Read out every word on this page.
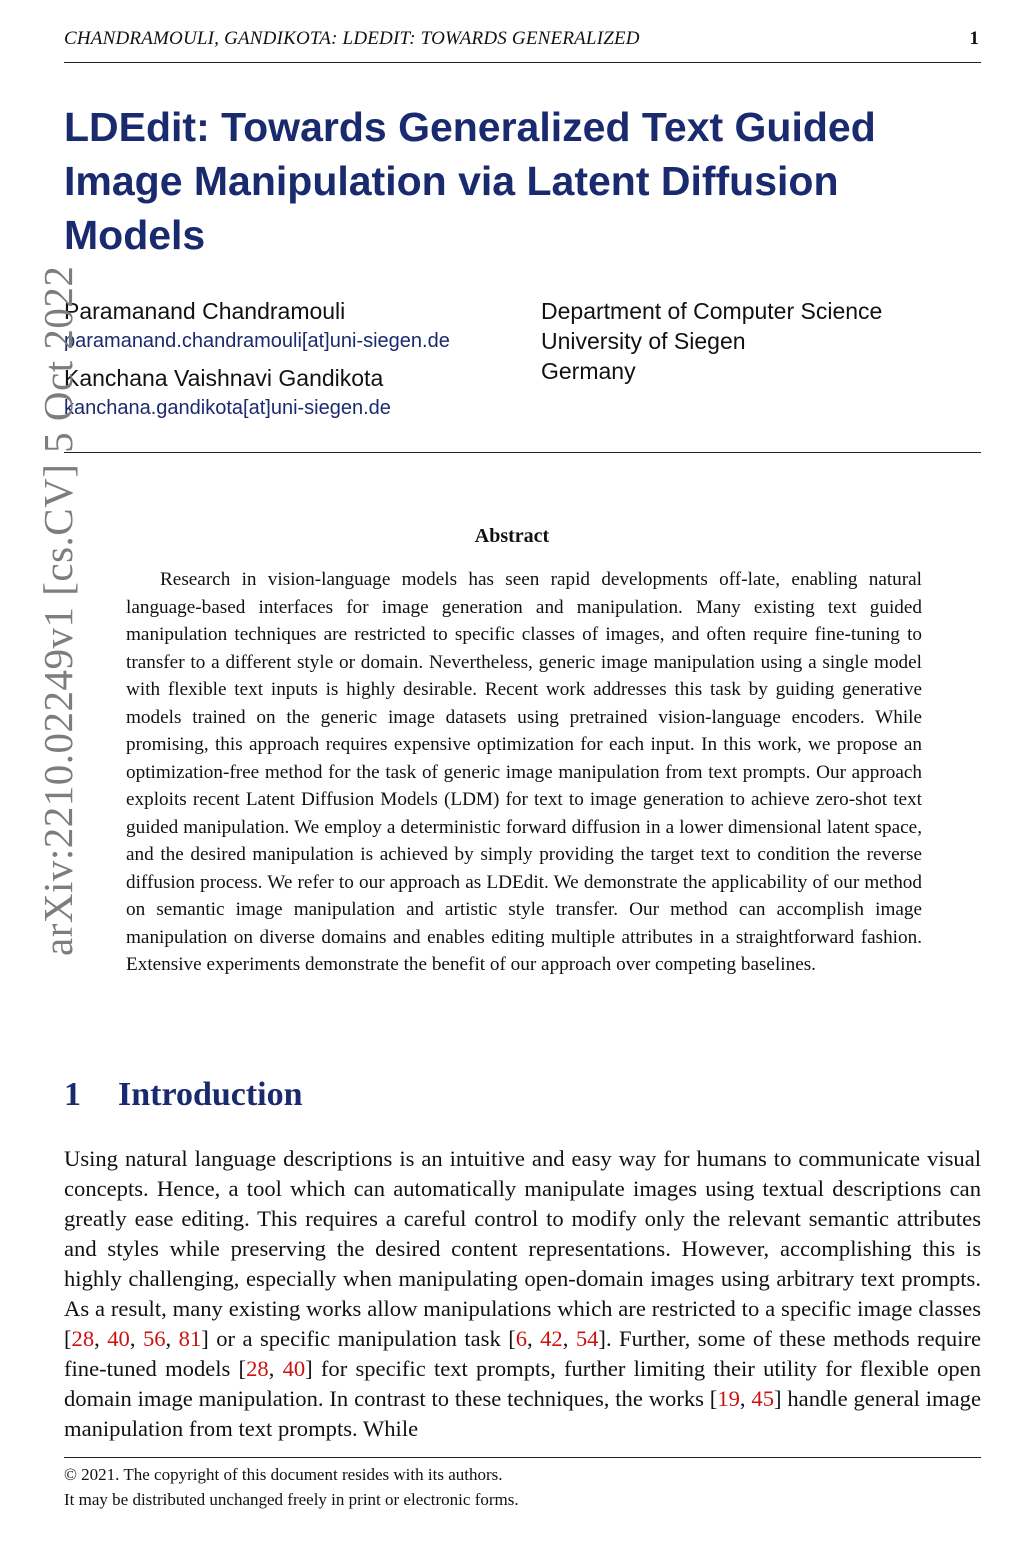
CHANDRAMOULI, GANDIKOTA: LDEDIT: TOWARDS GENERALIZED	1
arXiv:2210.02249v1 [cs.CV] 5 Oct 2022
LDEdit: Towards Generalized Text Guided Image Manipulation via Latent Diffusion Models
Paramanand Chandramouli
paramanand.chandramouli[at]uni-siegen.de
Kanchana Vaishnavi Gandikota
kanchana.gandikota[at]uni-siegen.de
Department of Computer Science
University of Siegen
Germany
Abstract

Research in vision-language models has seen rapid developments off-late, enabling natural language-based interfaces for image generation and manipulation. Many existing text guided manipulation techniques are restricted to specific classes of images, and often require fine-tuning to transfer to a different style or domain. Nevertheless, generic image manipulation using a single model with flexible text inputs is highly desirable. Recent work addresses this task by guiding generative models trained on the generic image datasets using pretrained vision-language encoders. While promising, this approach requires expensive optimization for each input. In this work, we propose an optimization-free method for the task of generic image manipulation from text prompts. Our approach exploits recent Latent Diffusion Models (LDM) for text to image generation to achieve zero-shot text guided manipulation. We employ a deterministic forward diffusion in a lower dimensional latent space, and the desired manipulation is achieved by simply providing the target text to condition the reverse diffusion process. We refer to our approach as LDEdit. We demonstrate the applicability of our method on semantic image manipulation and artistic style transfer. Our method can accomplish image manipulation on diverse domains and enables editing multiple attributes in a straightforward fashion. Extensive experiments demonstrate the benefit of our approach over competing baselines.

1 Introduction

Using natural language descriptions is an intuitive and easy way for humans to communicate visual concepts. Hence, a tool which can automatically manipulate images using textual descriptions can greatly ease editing. This requires a careful control to modify only the relevant semantic attributes and styles while preserving the desired content representations. However, accomplishing this is highly challenging, especially when manipulating open-domain images using arbitrary text prompts. As a result, many existing works allow manipulations which are restricted to a specific image classes [28, 40, 56, 81] or a specific manipulation task [6, 42, 54]. Further, some of these methods require fine-tuned models [28, 40] for specific text prompts, further limiting their utility for flexible open domain image manipulation. In contrast to these techniques, the works [19, 45] handle general image manipulation from text prompts. While

© 2021. The copyright of this document resides with its authors.
It may be distributed unchanged freely in print or electronic forms.
